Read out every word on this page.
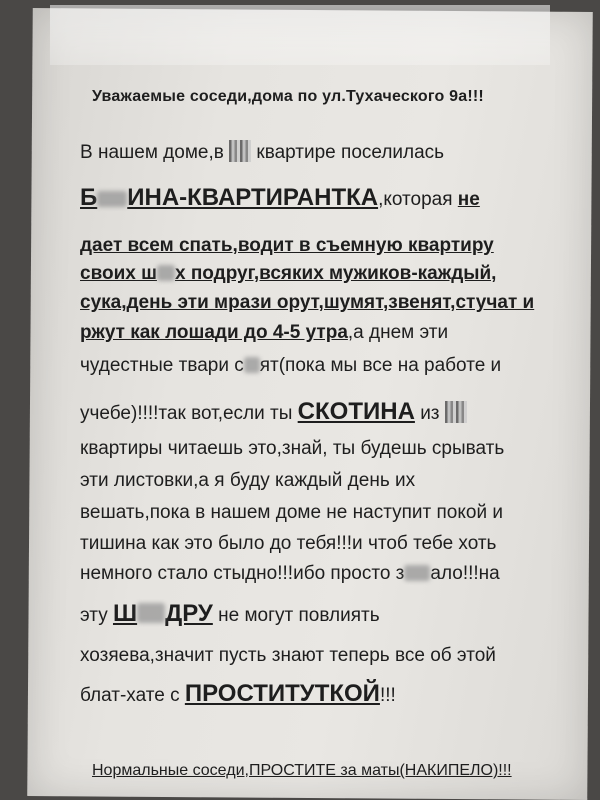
Уважаемые соседи,дома по ул.Тухаческого 9а!!!
В нашем доме,в квартире поселилась
Б ИНА-КВАРТИРАНТКА,которая не
дает всем спать,водит в съемную квартиру
своих ш х подруг,всяких мужиков-каждый,
сука,день эти мрази орут,шумят,звенят,стучат и
ржут как лошади до 4-5 утра,а днем эти
чудестные твари с ят(пока мы все на работе и
учебе)!!!!так вот,если ты СКОТИНА из
квартиры читаешь это,знай, ты будешь срывать
эти листовки,а я буду каждый день их
вешать,пока в нашем доме не наступит покой и
тишина как это было до тебя!!!и чтоб тебе хоть
немного стало стыдно!!!ибо просто з ало!!!на
эту Ш ДРУ не могут повлиять
хозяева,значит пусть знают теперь все об этой
блат-хате с ПРОСТИТУТКОЙ!!!
Нормальные соседи,ПРОСТИТЕ за маты(НАКИПЕЛО)!!!
